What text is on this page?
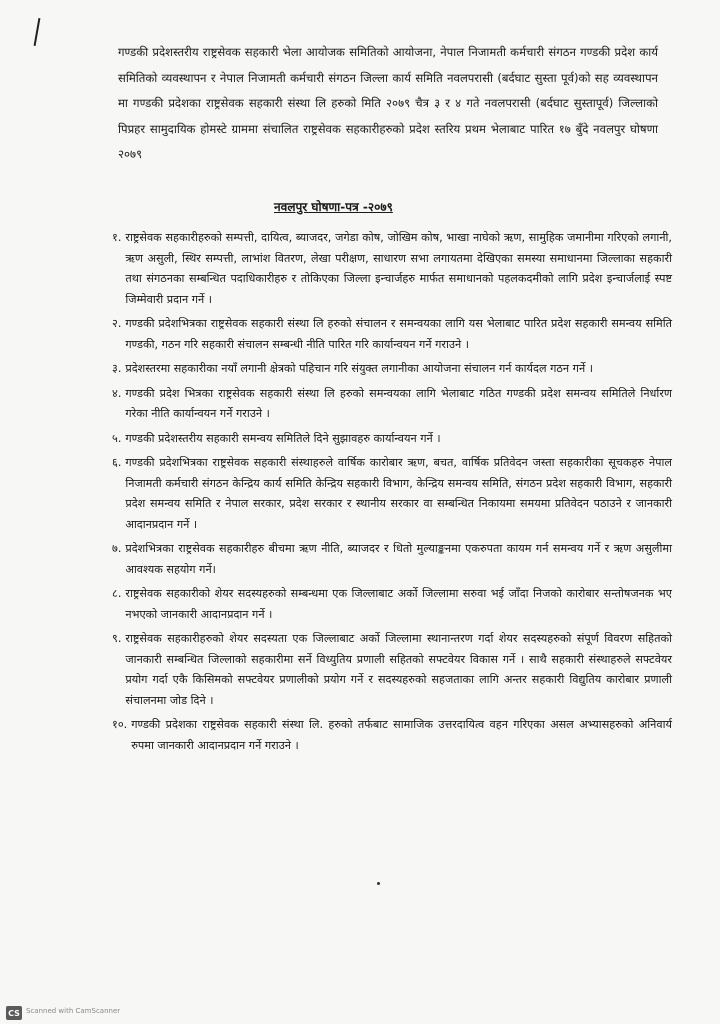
गण्डकी प्रदेशस्तरीय राष्ट्रसेवक सहकारी भेला आयोजक समितिको आयोजना, नेपाल निजामती कर्मचारी संगठन गण्डकी प्रदेश कार्य समितिको व्यवस्थापन र नेपाल निजामती कर्मचारी संगठन जिल्ला कार्य समिति नवलपरासी (बर्दघाट सुस्ता पूर्व)को सह व्यवस्थापन मा गण्डकी प्रदेशका राष्ट्रसेवक सहकारी संस्था लि हरुको मिति २०७९ चैत्र ३ र ४ गते नवलपरासी (बर्दघाट सुस्तापूर्व) जिल्लाको पिप्रहर सामुदायिक होमस्टे ग्राममा संचालित राष्ट्रसेवक सहकारीहरुको प्रदेश स्तरिय प्रथम भेलाबाट पारित १७ बुँदे नवलपुर घोषणा २०७९

नवलपुर घोषणा-पत्र -२०७९

१. राष्ट्रसेवक सहकारीहरुको सम्पत्ती, दायित्व, ब्याजदर, जगेडा कोष, जोखिम कोष, भाखा नाघेको ऋण, सामुहिक जमानीमा गरिएको लगानी, ऋण असुली, स्थिर सम्पत्ती, लाभांश वितरण, लेखा परीक्षण, साधारण सभा लगायतमा देखिएका समस्या समाधानमा जिल्लाका सहकारी तथा संगठनका सम्बन्धित पदाधिकारीहरु र तोकिएका जिल्ला इन्चार्जहरु मार्फत समाधानको पहलकदमीको लागि प्रदेश इन्चार्जलाई स्पष्ट जिम्मेवारी प्रदान गर्ने ।
२. गण्डकी प्रदेशभित्रका राष्ट्रसेवक सहकारी संस्था लि हरुको संचालन र समन्वयका लागि यस भेलाबाट पारित प्रदेश सहकारी समन्वय समिति गण्डकी, गठन गरि सहकारी संचालन सम्बन्धी नीति पारित गरि कार्यान्वयन गर्ने गराउने ।
३. प्रदेशस्तरमा सहकारीका नयाँ लगानी क्षेत्रको पहिचान गरि संयुक्त लगानीका आयोजना संचालन गर्न कार्यदल गठन गर्ने ।
४. गण्डकी प्रदेश भित्रका राष्ट्रसेवक सहकारी संस्था लि हरुको समन्वयका लागि भेलाबाट गठित गण्डकी प्रदेश समन्वय समितिले निर्धारण गरेका नीति कार्यान्वयन गर्ने गराउने ।
५. गण्डकी प्रदेशस्तरीय सहकारी समन्वय समितिले दिने सुझावहरु कार्यान्वयन गर्ने ।
६. गण्डकी प्रदेशभित्रका राष्ट्रसेवक सहकारी संस्थाहरुले वार्षिक कारोबार ऋण, बचत, वार्षिक प्रतिवेदन जस्ता सहकारीका सूचकहरु नेपाल निजामती कर्मचारी संगठन केन्द्रिय कार्य समिति केन्द्रिय सहकारी विभाग, केन्द्रिय समन्वय समिति, संगठन प्रदेश सहकारी विभाग, सहकारी प्रदेश समन्वय समिति र नेपाल सरकार, प्रदेश सरकार र स्थानीय सरकार वा सम्बन्धित निकायमा समयमा प्रतिवेदन पठाउने र जानकारी आदानप्रदान गर्ने ।
७. प्रदेशभित्रका राष्ट्रसेवक सहकारीहरु बीचमा ऋण नीति, ब्याजदर र धितो मुल्याङ्कनमा एकरुपता कायम गर्न समन्वय गर्ने र ऋण असुलीमा आवश्यक सहयोग गर्ने।
८. राष्ट्रसेवक सहकारीको शेयर सदस्यहरुको सम्बन्धमा एक जिल्लाबाट अर्को जिल्लामा सरुवा भई जाँदा निजको कारोबार सन्तोषजनक भए नभएको जानकारी आदानप्रदान गर्ने ।
९. राष्ट्रसेवक सहकारीहरुको शेयर सदस्यता एक जिल्लाबाट अर्को जिल्लामा स्थानान्तरण गर्दा शेयर सदस्यहरुको संपूर्ण विवरण सहितको जानकारी सम्बन्धित जिल्लाको सहकारीमा सर्ने विध्युतिय प्रणाली सहितको सफ्टवेयर विकास गर्ने । साथै सहकारी संस्थाहरुले सफ्टवेयर प्रयोग गर्दा एकै किसिमको सफ्टवेयर प्रणालीको प्रयोग गर्ने र सदस्यहरुको सहजताका लागि अन्तर सहकारी विद्युतिय कारोबार प्रणाली संचालनमा जोड दिने ।
१०. गण्डकी प्रदेशका राष्ट्रसेवक सहकारी संस्था लि. हरुको तर्फबाट सामाजिक उत्तरदायित्व वहन गरिएका असल अभ्यासहरुको अनिवार्य रुपमा जानकारी आदानप्रदान गर्ने गराउने ।
CS Scanned with CamScanner
